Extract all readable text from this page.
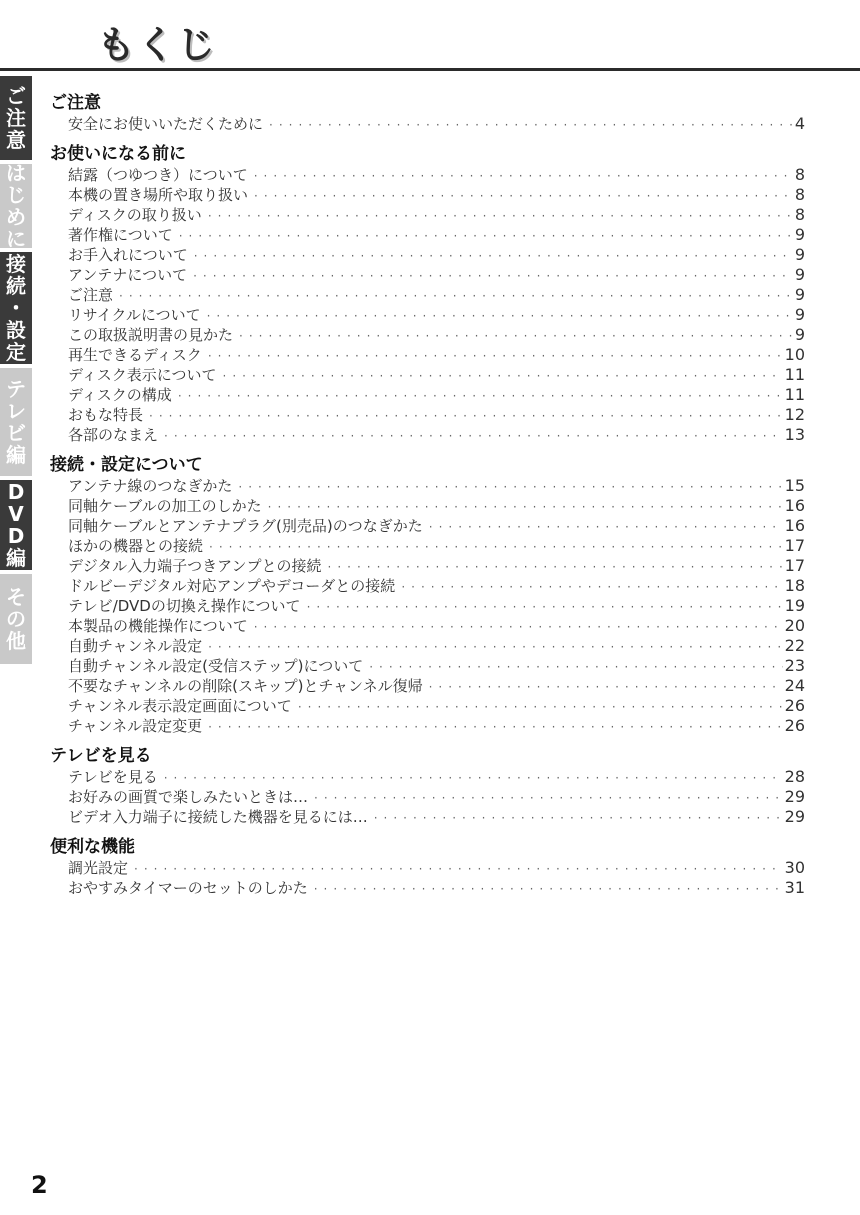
もくじ
ご
注
意
は
じ
め
に
接
続
・
設
定
テ
レ
ビ
編
D
V
D
編
そ
の
他
ご注意
安全にお使いいただくために ·····	4
お使いになる前に
結露（つゆつき）について ·····	8
本機の置き場所や取り扱い ·····	8
ディスクの取り扱い ·····	8
著作権について ·····	9
お手入れについて ·····	9
アンテナについて ·····	9
ご注意 ·····	9
リサイクルについて ·····	9
この取扱説明書の見かた ·····	9
再生できるディスク ·····	10
ディスク表示について ·····	11
ディスクの構成 ·····	11
おもな特長 ·····	12
各部のなまえ ·····	13
接続・設定について
アンテナ線のつなぎかた ·····	15
同軸ケーブルの加工のしかた ·····	16
同軸ケーブルとアンテナプラグ(別売品)のつなぎかた ·····	16
ほかの機器との接続 ·····	17
デジタル入力端子つきアンプとの接続 ·····	17
ドルビーデジタル対応アンプやデコーダとの接続 ·····	18
テレビ/DVDの切換え操作について ·····	19
本製品の機能操作について ·····	20
自動チャンネル設定 ·····	22
自動チャンネル設定(受信ステップ)について ·····	23
不要なチャンネルの削除(スキップ)とチャンネル復帰 ·····	24
チャンネル表示設定画面について ·····	26
チャンネル設定変更 ·····	26
テレビを見る
テレビを見る ·····	28
お好みの画質で楽しみたいときは… ·····	29
ビデオ入力端子に接続した機器を見るには… ·····	29
便利な機能
調光設定 ·····	30
おやすみタイマーのセットのしかた ·····	31
2
